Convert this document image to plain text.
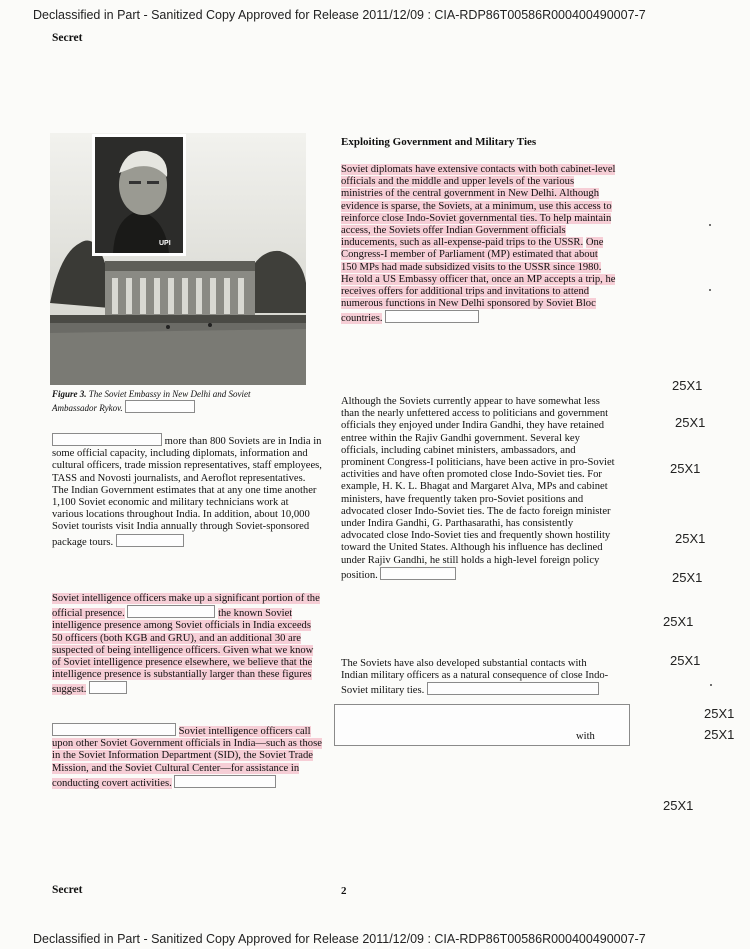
Declassified in Part - Sanitized Copy Approved for Release 2011/12/09 : CIA-RDP86T00586R000400490007-7
Secret
UPI
Figure 3. The Soviet Embassy in New Delhi and Soviet Ambassador Rykov.
more than 800 Soviets are in India in some official capacity, including diplomats, information and cultural officers, trade mission representatives, staff employees, TASS and Novosti journalists, and Aeroflot representatives. The Indian Government estimates that at any one time another 1,100 Soviet economic and military technicians work at various locations throughout India. In addition, about 10,000 Soviet tourists visit India annually through Soviet-sponsored package tours.
Soviet intelligence officers make up a significant portion of the official presence.	the known Soviet intelligence presence among Soviet officials in India exceeds 50 officers (both KGB and GRU), and an additional 30 are suspected of being intelligence officers. Given what we know of Soviet intelligence presence elsewhere, we believe that the intelligence presence is substantially larger than these figures suggest.
Soviet intelligence officers call upon other Soviet Government officials in India—such as those in the Soviet Information Department (SID), the Soviet Trade Mission, and the Soviet Cultural Center—for assistance in conducting covert activities.
Exploiting Government and Military Ties
Soviet diplomats have extensive contacts with both cabinet-level officials and the middle and upper levels of the various ministries of the central government in New Delhi. Although evidence is sparse, the Soviets, at a minimum, use this access to reinforce close Indo-Soviet governmental ties. To help maintain access, the Soviets offer Indian Government officials inducements, such as all-expense-paid trips to the USSR. One Congress-I member of Parliament (MP) estimated that about 150 MPs had made subsidized visits to the USSR since 1980. He told a US Embassy officer that, once an MP accepts a trip, he receives offers for additional trips and invitations to attend numerous functions in New Delhi sponsored by Soviet Bloc countries.
Although the Soviets currently appear to have somewhat less than the nearly unfettered access to politicians and government officials they enjoyed under Indira Gandhi, they have retained entree within the Rajiv Gandhi government. Several key officials, including cabinet ministers, ambassadors, and prominent Congress-I politicians, have been active in pro-Soviet activities and have often promoted close Indo-Soviet ties. For example, H. K. L. Bhagat and Margaret Alva, MPs and cabinet ministers, have frequently taken pro-Soviet positions and advocated closer Indo-Soviet ties. The de facto foreign minister under Indira Gandhi, G. Parthasarathi, has consistently advocated close Indo-Soviet ties and frequently shown hostility toward the United States. Although his influence has declined under Rajiv Gandhi, he still holds a high-level foreign policy position.
The Soviets have also developed substantial contacts with Indian military officers as a natural consequence of close Indo-Soviet military ties.
with
25X1
25X1
25X1
25X1
25X1
25X1
25X1
25X1
25X1
25X1
Secret	2
Declassified in Part - Sanitized Copy Approved for Release 2011/12/09 : CIA-RDP86T00586R000400490007-7
